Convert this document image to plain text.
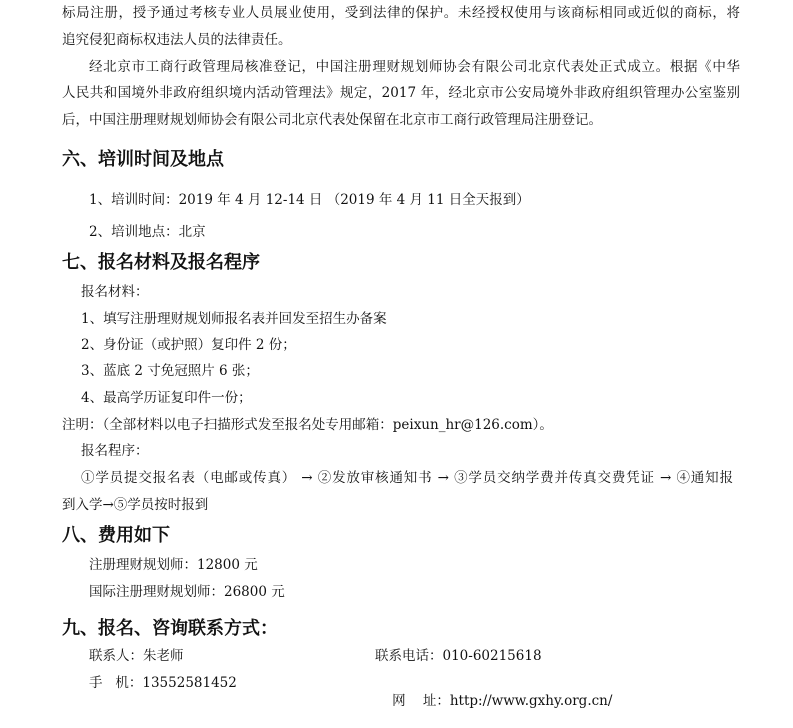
标局注册，授予通过考核专业人员展业使用，受到法律的保护。未经授权使用与该商标相同或近似的商标，将
追究侵犯商标权违法人员的法律责任。
经北京市工商行政管理局核准登记，中国注册理财规划师协会有限公司北京代表处正式成立。根据《中华
人民共和国境外非政府组织境内活动管理法》规定，2017 年，经北京市公安局境外非政府组织管理办公室鉴别
后，中国注册理财规划师协会有限公司北京代表处保留在北京市工商行政管理局注册登记。
六、培训时间及地点
1、培训时间：2019 年 4 月 12-14 日 （2019 年 4 月 11 日全天报到）
2、培训地点：北京
七、报名材料及报名程序
报名材料：
1、填写注册理财规划师报名表并回发至招生办备案
2、身份证（或护照）复印件 2 份；
3、蓝底 2 寸免冠照片 6 张；
4、最高学历证复印件一份；
注明：（全部材料以电子扫描形式发至报名处专用邮箱：peixun_hr@126.com）。
报名程序：
①学员提交报名表（电邮或传真） → ②发放审核通知书 → ③学员交纳学费并传真交费凭证 → ④通知报
到入学→⑤学员按时报到
八、费用如下
注册理财规划师：12800 元
国际注册理财规划师：26800 元
九、报名、咨询联系方式：
联系人：朱老师	联系电话：010-60215618
手   机：13552581452

网    址：http://www.gxhy.org.cn/
